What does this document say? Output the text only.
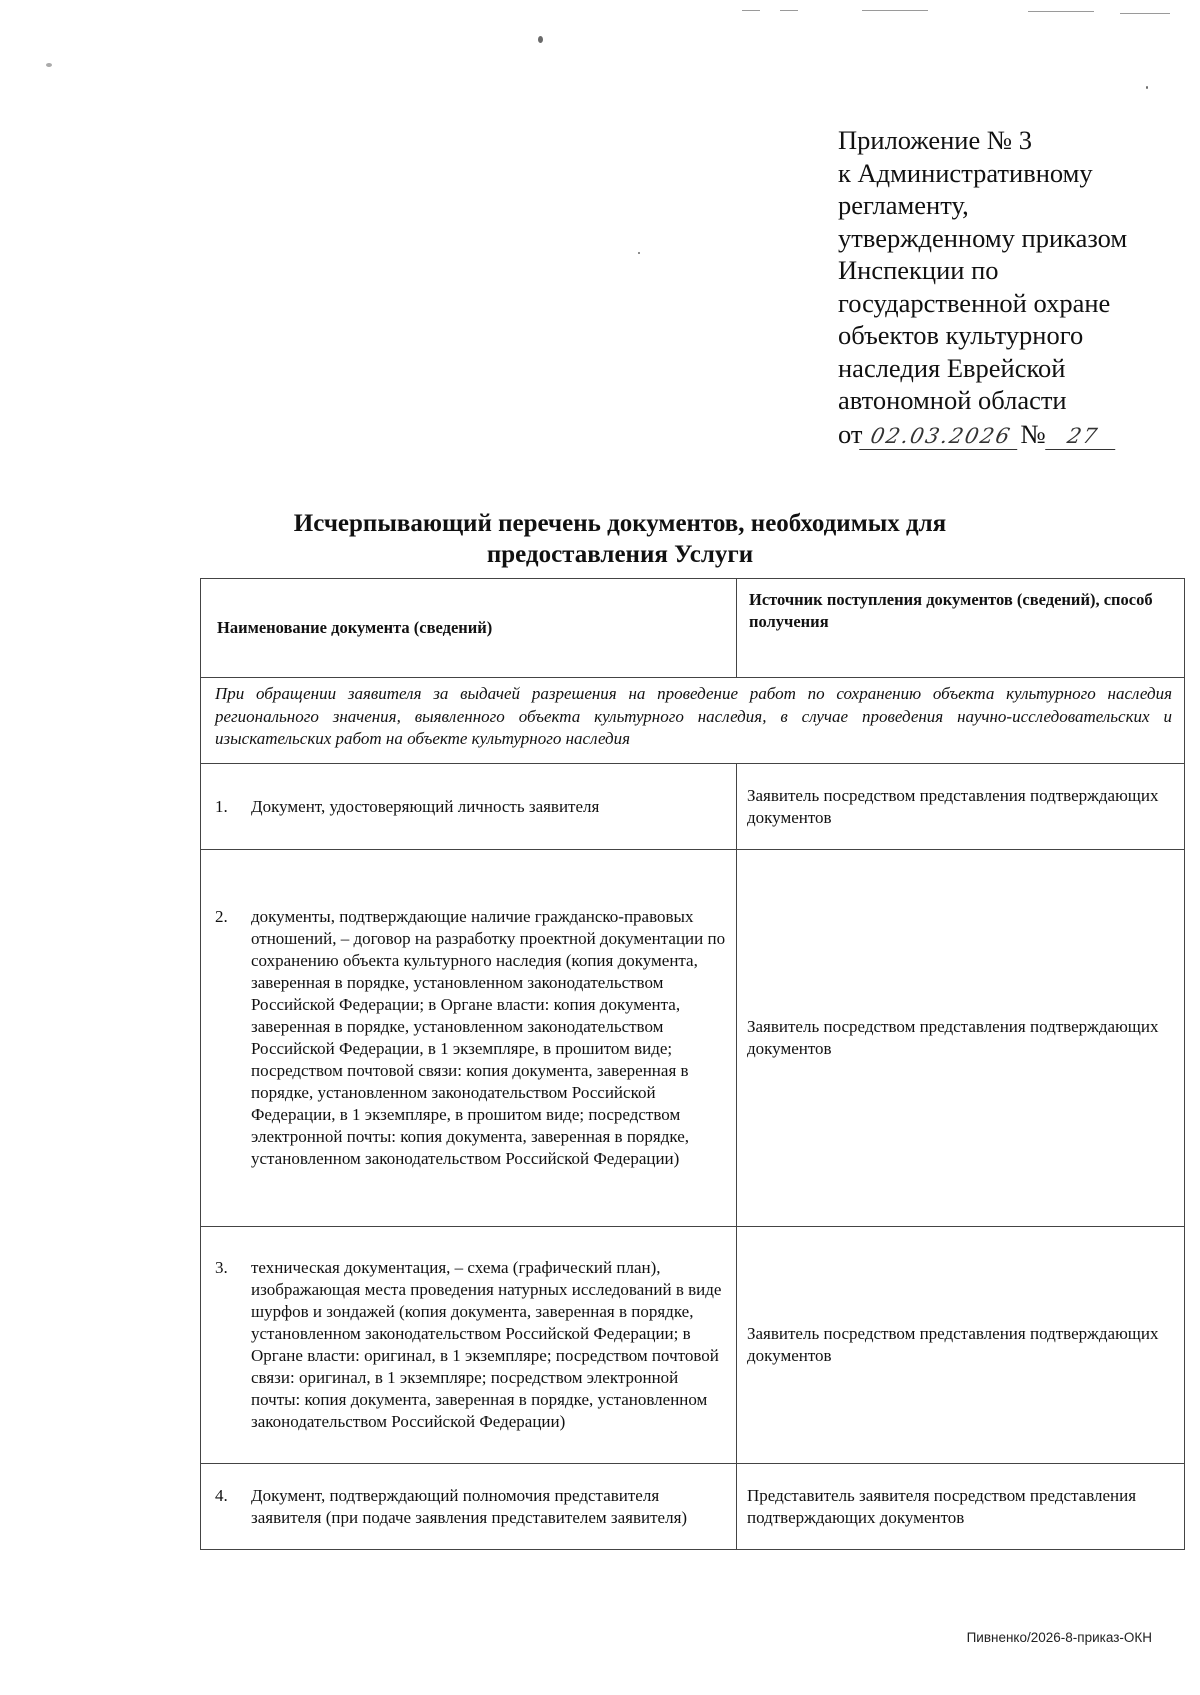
Приложение № 3
к Административному
регламенту,
утвержденному приказом
Инспекции по
государственной охране
объектов культурного
наследия Еврейской
автономной области
от 02.03.2026 № 27
Исчерпывающий перечень документов, необходимых для
предоставления Услуги
Наименование документа (сведений)	Источник поступления документов (сведений), способ получения
При обращении заявителя за выдачей разрешения на проведение работ по сохранению объекта культурного наследия регионального значения, выявленного объекта культурного наследия, в случае проведения научно-исследовательских и изыскательских работ на объекте культурного наследия	

1. Документ, удостоверяющий личность заявителя	Заявитель посредством представления подтверждающих документов

2. документы, подтверждающие наличие гражданско-правовых отношений, – договор на разработку проектной документации по сохранению объекта культурного наследия (копия документа, заверенная в порядке, установленном законодательством Российской Федерации; в Органе власти: копия документа, заверенная в порядке, установленном законодательством Российской Федерации, в 1 экземпляре, в прошитом виде; посредством почтовой связи: копия документа, заверенная в порядке, установленном законодательством Российской Федерации, в 1 экземпляре, в прошитом виде; посредством электронной почты: копия документа, заверенная в порядке, установленном законодательством Российской Федерации)	Заявитель посредством представления подтверждающих документов

3. техническая документация, – схема (графический план), изображающая места проведения натурных исследований в виде шурфов и зондажей (копия документа, заверенная в порядке, установленном законодательством Российской Федерации; в Органе власти: оригинал, в 1 экземпляре; посредством почтовой связи: оригинал, в 1 экземпляре; посредством электронной почты: копия документа, заверенная в порядке, установленном законодательством Российской Федерации)	Заявитель посредством представления подтверждающих документов

4. Документ, подтверждающий полномочия представителя заявителя (при подаче заявления представителем заявителя)	Представитель заявителя посредством представления подтверждающих документов
Пивненко/2026-8-приказ-ОКН
